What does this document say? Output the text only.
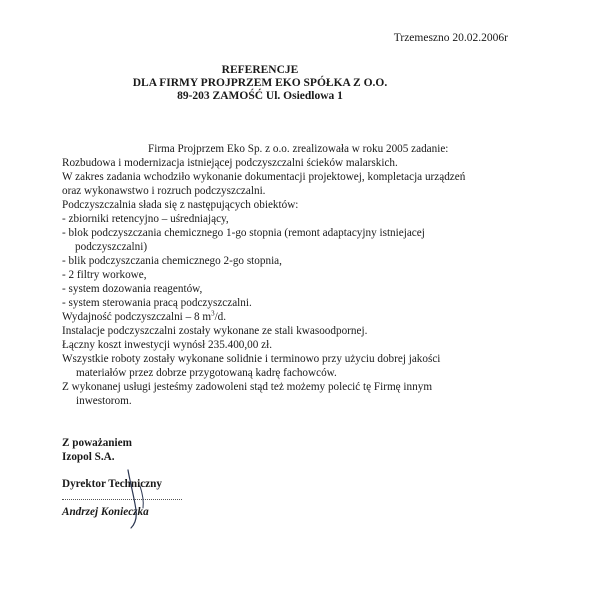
Trzemeszno 20.02.2006r
REFERENCJE
DLA FIRMY PROJPRZEM EKO SPÓŁKA Z O.O.
89-203 ZAMOŚĆ Ul. Osiedlowa 1
Firma Projprzem Eko Sp. z o.o. zrealizowała w roku 2005 zadanie:
Rozbudowa i modernizacja istniejącej podczyszczalni ścieków malarskich.
W zakres zadania wchodziło wykonanie dokumentacji projektowej, kompletacja urządzeń
oraz wykonawstwo i rozruch podczyszczalni.
Podczyszczalnia słada się z następujących obiektów:
- zbiorniki retencyjno – uśredniający,
- blok podczyszczania chemicznego 1-go stopnia (remont adaptacyjny istniejacej
podczyszczalni)
- blik podczyszczania chemicznego 2-go stopnia,
- 2 filtry workowe,
- system dozowania reagentów,
- system sterowania pracą podczyszczalni.
Wydajność podczyszczalni – 8 $m^3/d$.
Instalacje podczyszczalni zostały wykonane ze stali kwasoodpornej.
Łączny koszt inwestycji wynósł 235.400,00 zł.
Wszystkie roboty zostały wykonane solidnie i terminowo przy użyciu dobrej jakości
materiałów przez dobrze przygotowaną kadrę fachowców.
Z wykonanej usługi jesteśmy zadowoleni stąd też możemy polecić tę Firmę innym
inwestorom.
Z poważaniem
Izopol S.A.
Dyrektor Techniczny
Andrzej Konieczka
